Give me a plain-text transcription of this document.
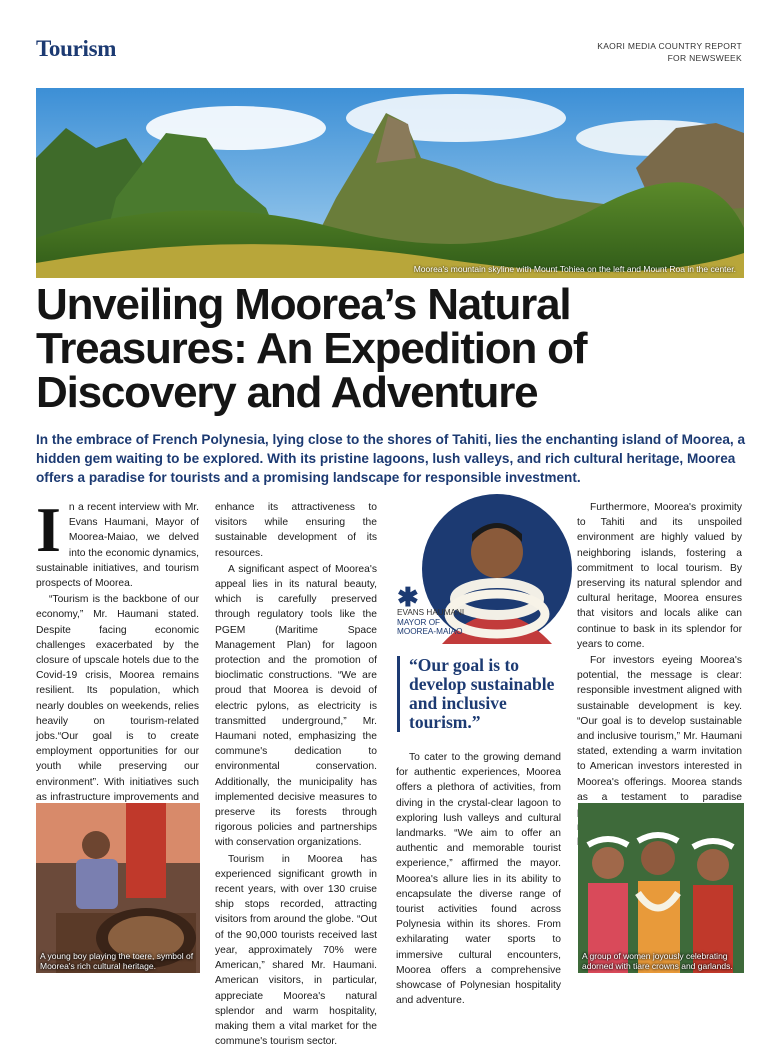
Tourism	KAORI MEDIA COUNTRY REPORT
FOR NEWSWEEK
Moorea's mountain skyline with Mount Tohiea on the left and Mount Roa in the center.
Unveiling Moorea’s Natural
Treasures: An Expedition of
Discovery and Adventure

In the embrace of French Polynesia, lying close to the shores of Tahiti, lies the enchanting island of Moorea, a hidden gem waiting to be explored. With its pristine lagoons, lush valleys, and rich cultural heritage, Moorea offers a paradise for tourists and a promising landscape for responsible investment.

I n a recent interview with Mr. Evans Haumani, Mayor of Moorea-Maiao, we delved into the economic dynamics, sustainable initiatives, and tourism prospects of Moorea.

“Tourism is the backbone of our economy,” Mr. Haumani stated. Despite facing economic challenges exacerbated by the closure of upscale hotels due to the Covid-19 crisis, Moorea remains resilient. Its population, which nearly doubles on weekends, relies heavily on tourism-related jobs.“Our goal is to create employment opportunities for our youth while preserving our environment”. With initiatives such as infrastructure improvements and

A young boy playing the toere, symbol of Moorea's rich cultural heritage.

enhance its attractiveness to visitors while ensuring the sustainable development of its resources.

A significant aspect of Moorea's appeal lies in its natural beauty, which is carefully preserved through regulatory tools like the PGEM (Maritime Space Management Plan) for lagoon protection and the promotion of bioclimatic constructions. “We are proud that Moorea is devoid of electric pylons, as electricity is transmitted underground,” Mr. Haumani noted, emphasizing the commune's dedication to environmental conservation. Additionally, the municipality has implemented decisive measures to preserve its forests through rigorous policies and partnerships with conservation organizations.

Tourism in Moorea has experienced significant growth in recent years, with over 130 cruise ship stops recorded, attracting visitors from around the globe. “Out of the 90,000 tourists received last year, approximately 70% were American,” shared Mr. Haumani. American visitors, in particular, appreciate Moorea's natural splendor and warm hospitality, making them a vital market for the commune's tourism sector.

✱
EVANS HAUMANI
MAYOR OF
MOOREA-MAIAO
“Our goal is to develop sustainable and inclusive tourism.”

To cater to the growing demand for authentic experiences, Moorea offers a plethora of activities, from diving in the crystal-clear lagoon to exploring lush valleys and cultural landmarks. “We aim to offer an authentic and memorable tourist experience,” affirmed the mayor. Moorea's allure lies in its ability to encapsulate the diverse range of tourist activities found across Polynesia within its shores. From exhilarating water sports to immersive cultural encounters, Moorea offers a comprehensive showcase of Polynesian hospitality and adventure.

Furthermore, Moorea's proximity to Tahiti and its unspoiled environment are highly valued by neighboring islands, fostering a commitment to local tourism. By preserving its natural splendor and cultural heritage, Moorea ensures that visitors and locals alike can continue to bask in its splendor for years to come.

For investors eyeing Moorea's potential, the message is clear: responsible investment aligned with sustainable development is key. “Our goal is to develop sustainable and inclusive tourism,” Mr. Haumani stated, extending a warm invitation to American investors interested in Moorea's offerings. Moorea stands as a testament to paradise

A group of women joyously celebrating adorned with tiare crowns and garlands.
